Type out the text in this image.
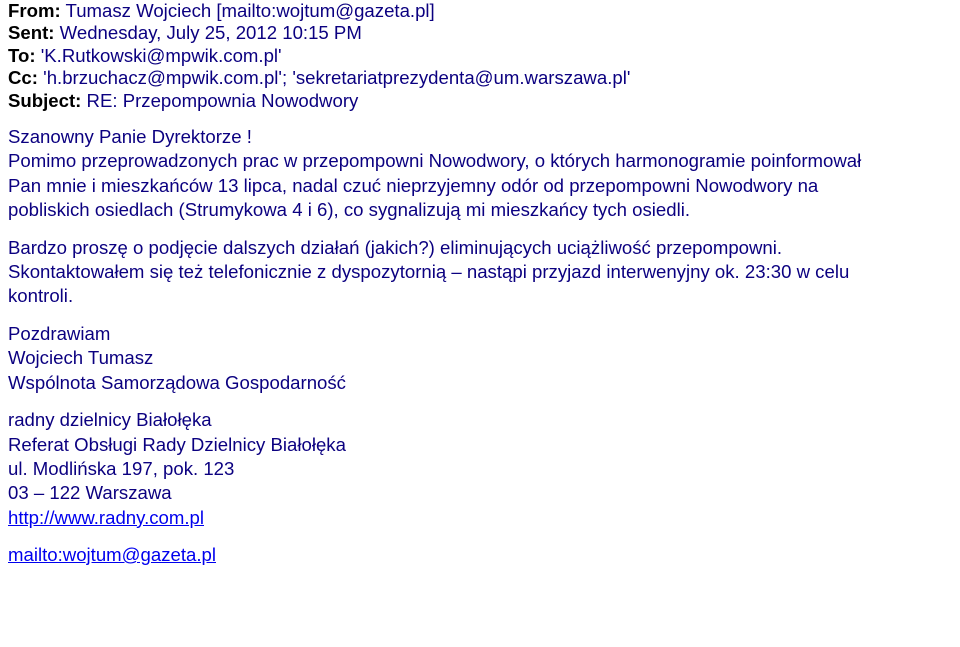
From: Tumasz Wojciech [mailto:wojtum@gazeta.pl]
Sent: Wednesday, July 25, 2012 10:15 PM
To: 'K.Rutkowski@mpwik.com.pl'
Cc: 'h.brzuchacz@mpwik.com.pl'; 'sekretariatprezydenta@um.warszawa.pl'
Subject: RE: Przepompownia Nowodwory
Szanowny Panie Dyrektorze !
Pomimo przeprowadzonych prac w przepompowni Nowodwory, o których harmonogramie poinformował
Pan mnie i mieszkańców 13 lipca, nadal czuć nieprzyjemny odór od przepompowni Nowodwory na
pobliskich osiedlach (Strumykowa 4 i 6), co sygnalizują mi mieszkańcy tych osiedli.
Bardzo proszę o podjęcie dalszych działań (jakich?) eliminujących uciążliwość przepompowni.
Skontaktowałem się też telefonicznie z dyspozytornią – nastąpi przyjazd interwenyjny ok. 23:30 w celu
kontroli.
Pozdrawiam
Wojciech Tumasz
Wspólnota Samorządowa Gospodarność
radny dzielnicy Białołęka
Referat Obsługi Rady Dzielnicy Białołęka
ul. Modlińska 197, pok. 123
03 – 122 Warszawa
http://www.radny.com.pl
mailto:wojtum@gazeta.pl
